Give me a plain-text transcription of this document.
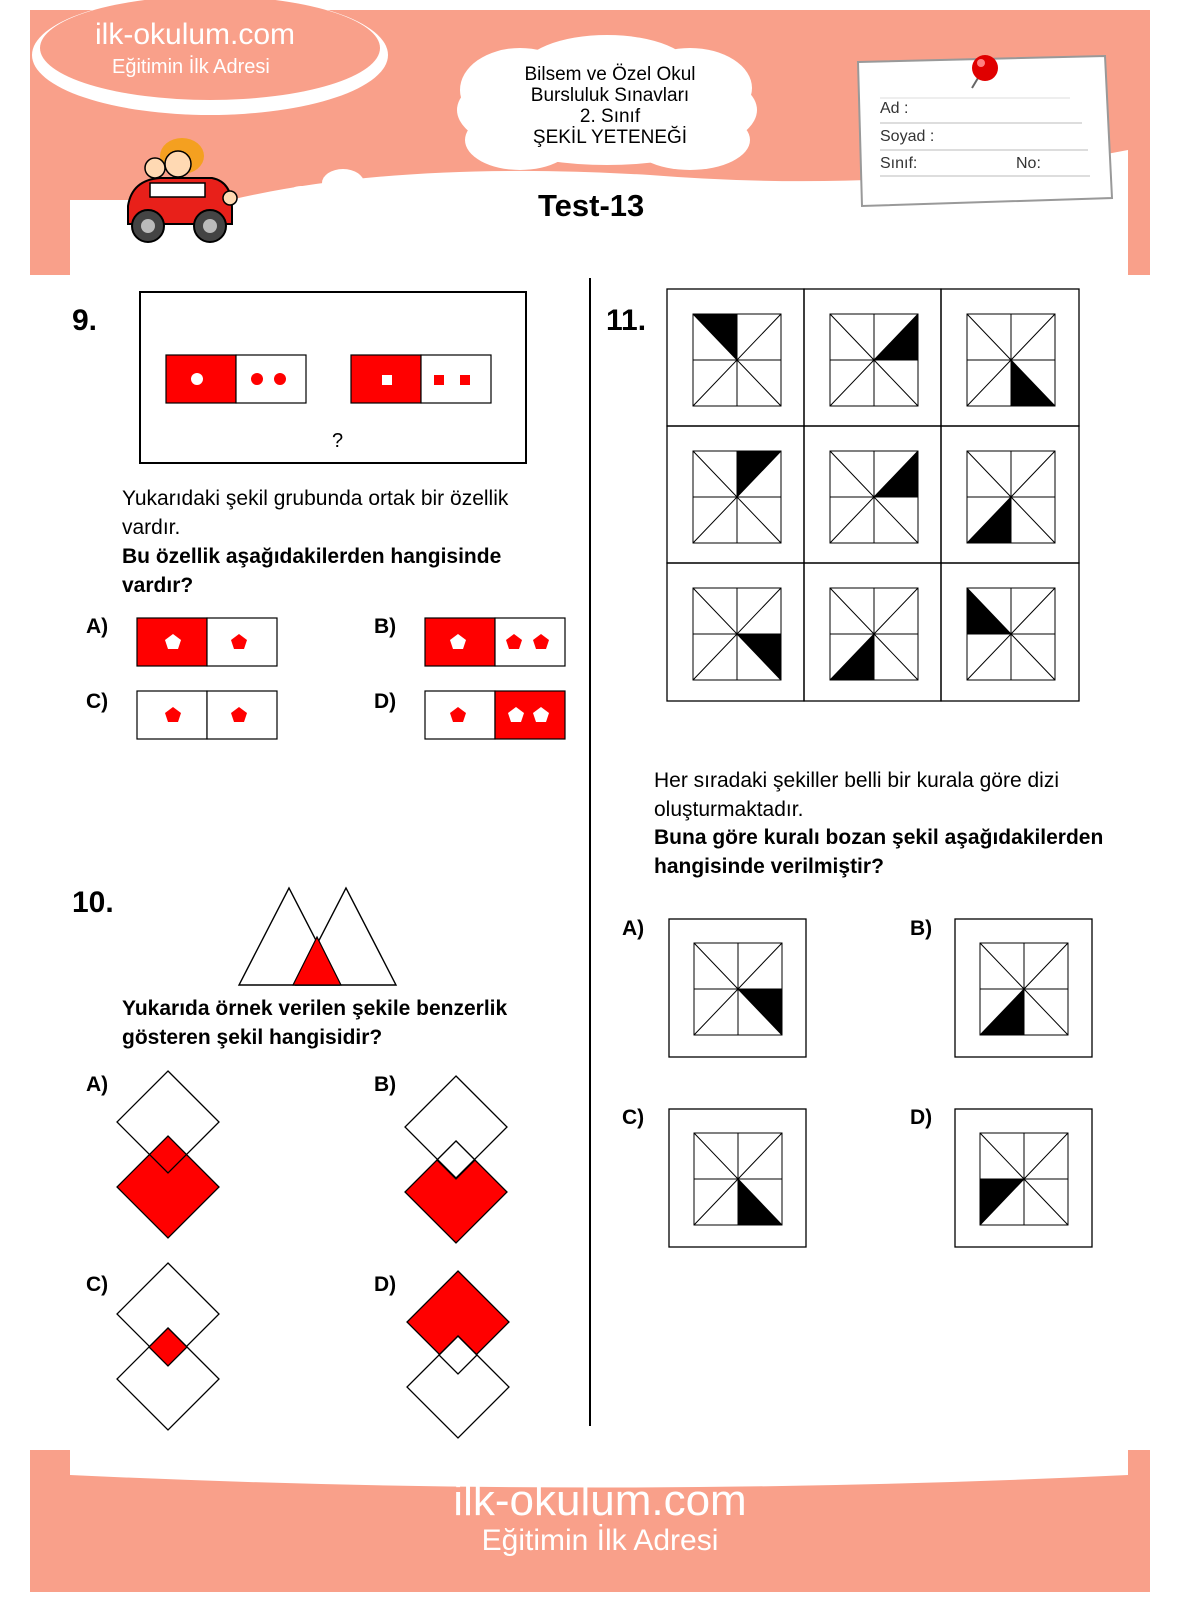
ilk-okulum.com
Eğitimin İlk Adresi	Bilsem ve Özel Okul
Bursluluk Sınavları
2. Sınıf
ŞEKİL YETENEĞİ
Ad :
Soyad :
Sınıf:	No:
Test-13
9.
?
Yukarıdaki şekil grubunda ortak bir özellik vardır.
Bu özellik aşağıdakilerden hangisinde vardır?
A)	B)
C)	D)
10.
Yukarıda örnek verilen şekile benzerlik gösteren şekil hangisidir?
A)	B)
C)	D)
11.
Her sıradaki şekiller belli bir kurala göre dizi oluşturmaktadır.
Buna göre kuralı bozan şekil aşağıdakilerden hangisinde verilmiştir?
A)	B)
C)	D)
ilk-okulum.com
Eğitimin İlk Adresi
